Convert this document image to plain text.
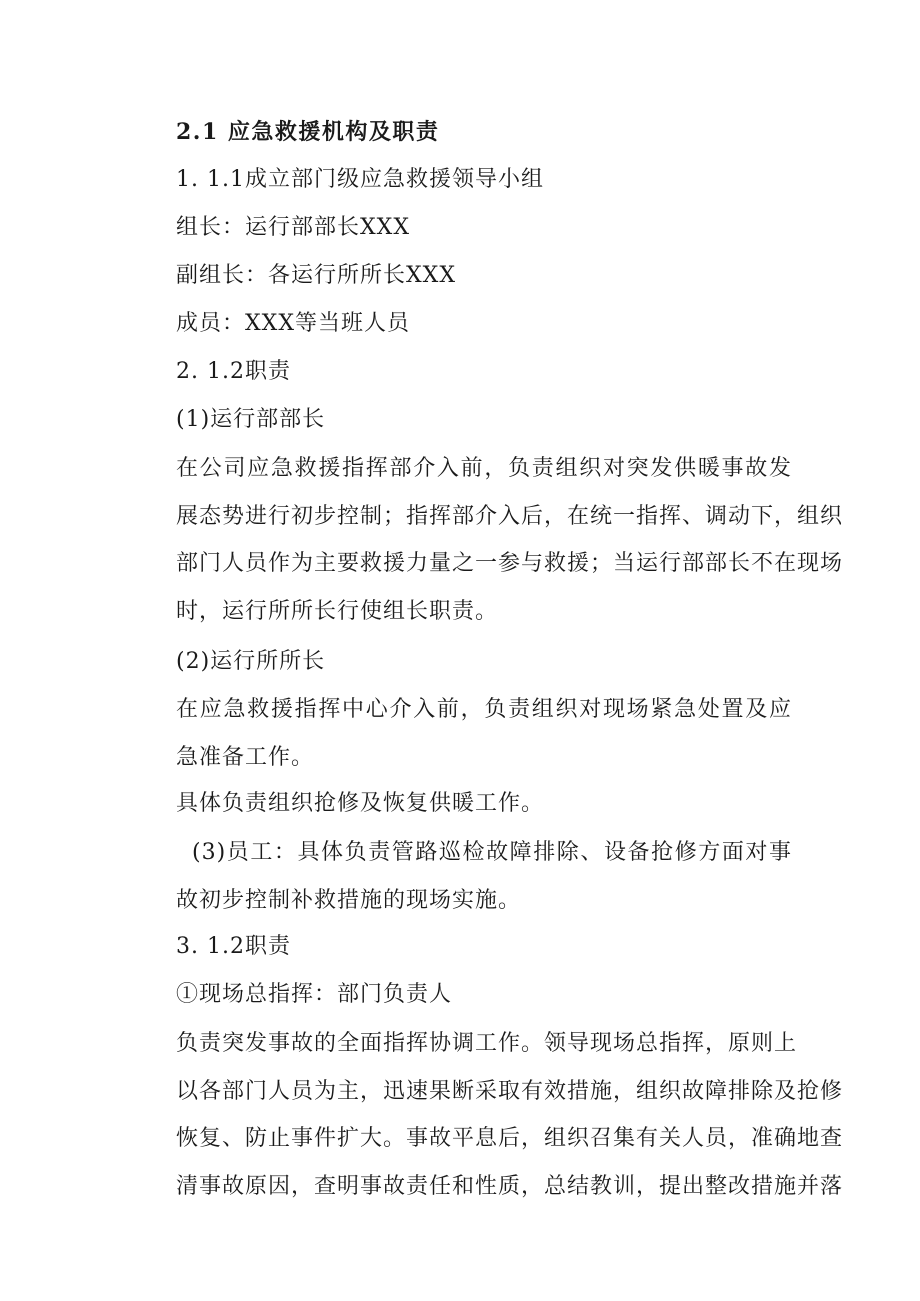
2.1 应急救援机构及职责
1. 1.1成立部门级应急救援领导小组
组长：运行部部长XXX
副组长：各运行所所长XXX
成员：XXX等当班人员
2. 1.2职责
(1)运行部部长
在公司应急救援指挥部介入前，负责组织对突发供暖事故发
展态势进行初步控制；指挥部介入后，在统一指挥、调动下，组织
部门人员作为主要救援力量之一参与救援；当运行部部长不在现场
时，运行所所长行使组长职责。
(2)运行所所长
在应急救援指挥中心介入前，负责组织对现场紧急处置及应
急准备工作。
具体负责组织抢修及恢复供暖工作。
(3)员工：具体负责管路巡检故障排除、设备抢修方面对事
故初步控制补救措施的现场实施。
3. 1.2职责
①现场总指挥：部门负责人
负责突发事故的全面指挥协调工作。领导现场总指挥，原则上
以各部门人员为主，迅速果断采取有效措施，组织故障排除及抢修
恢复、防止事件扩大。事故平息后，组织召集有关人员，准确地查
清事故原因，查明事故责任和性质，总结教训，提出整改措施并落
